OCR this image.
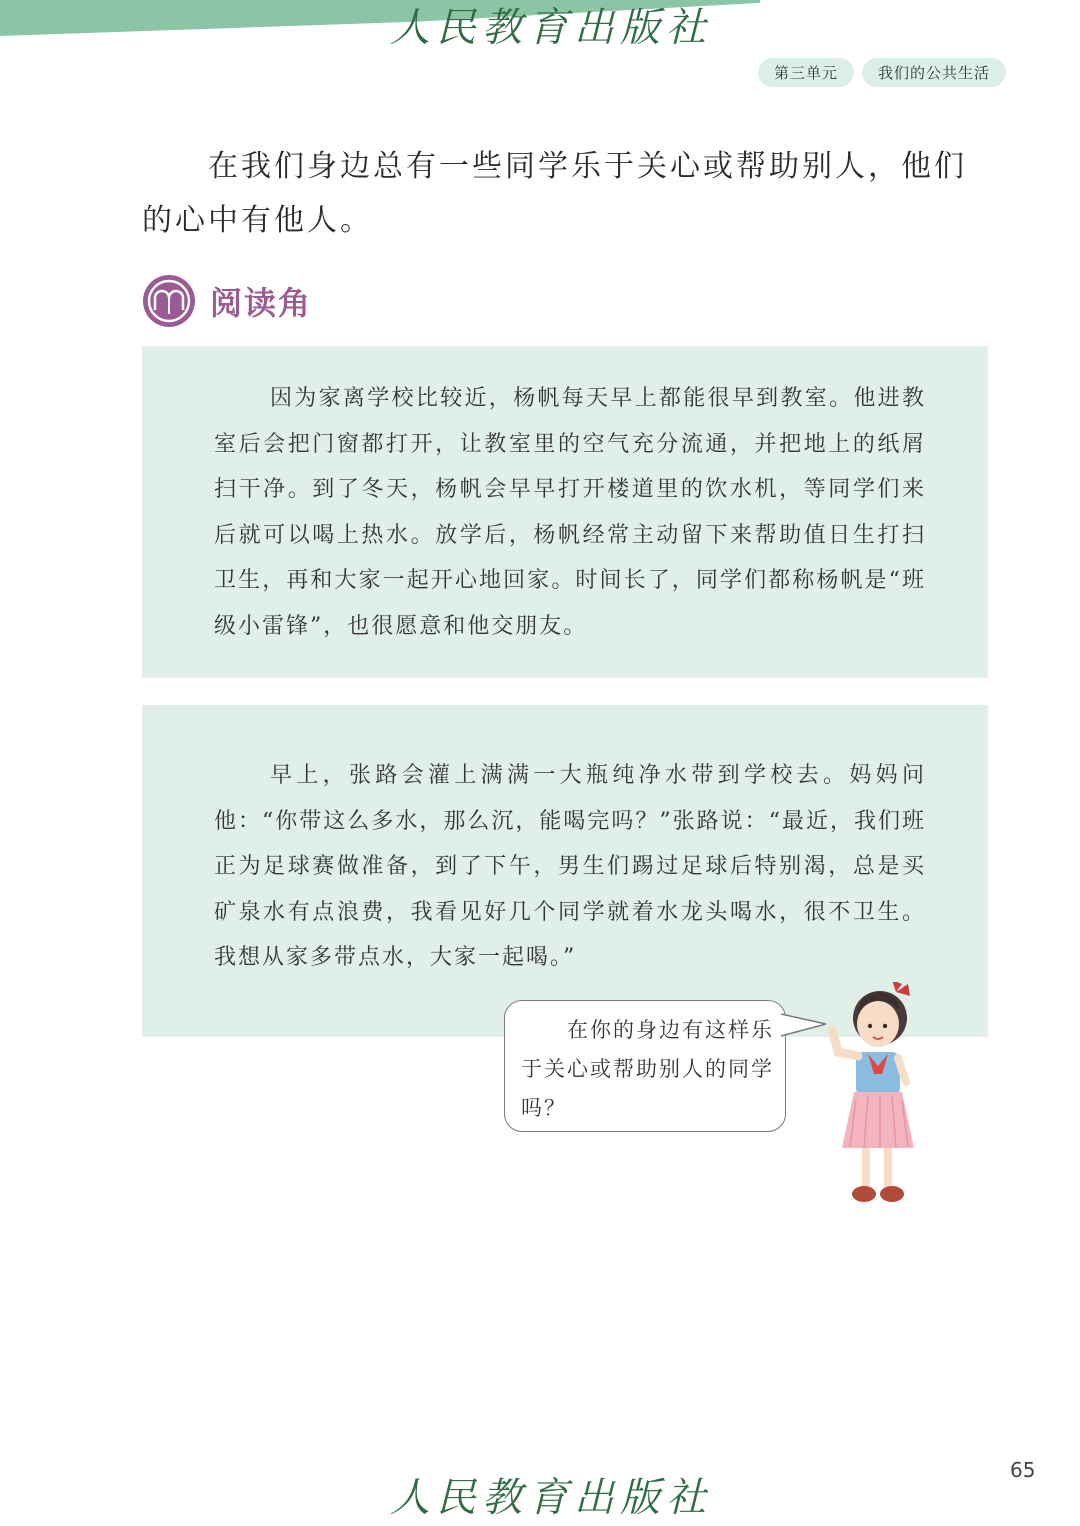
人民教育出版社
第三单元	我们的公共生活

在我们身边总有一些同学乐于关心或帮助别人，他们的心中有他人。

阅读角

因为家离学校比较近，杨帆每天早上都能很早到教室。他进教室后会把门窗都打开，让教室里的空气充分流通，并把地上的纸屑扫干净。到了冬天，杨帆会早早打开楼道里的饮水机，等同学们来后就可以喝上热水。放学后，杨帆经常主动留下来帮助值日生打扫卫生，再和大家一起开心地回家。时间长了，同学们都称杨帆是“班级小雷锋”，也很愿意和他交朋友。

早上，张路会灌上满满一大瓶纯净水带到学校去。妈妈问他：“你带这么多水，那么沉，能喝完吗？”张路说：“最近，我们班正为足球赛做准备，到了下午，男生们踢过足球后特别渴，总是买矿泉水有点浪费，我看见好几个同学就着水龙头喝水，很不卫生。我想从家多带点水，大家一起喝。”

在你的身边有这样乐于关心或帮助别人的同学吗？

65
人民教育出版社
